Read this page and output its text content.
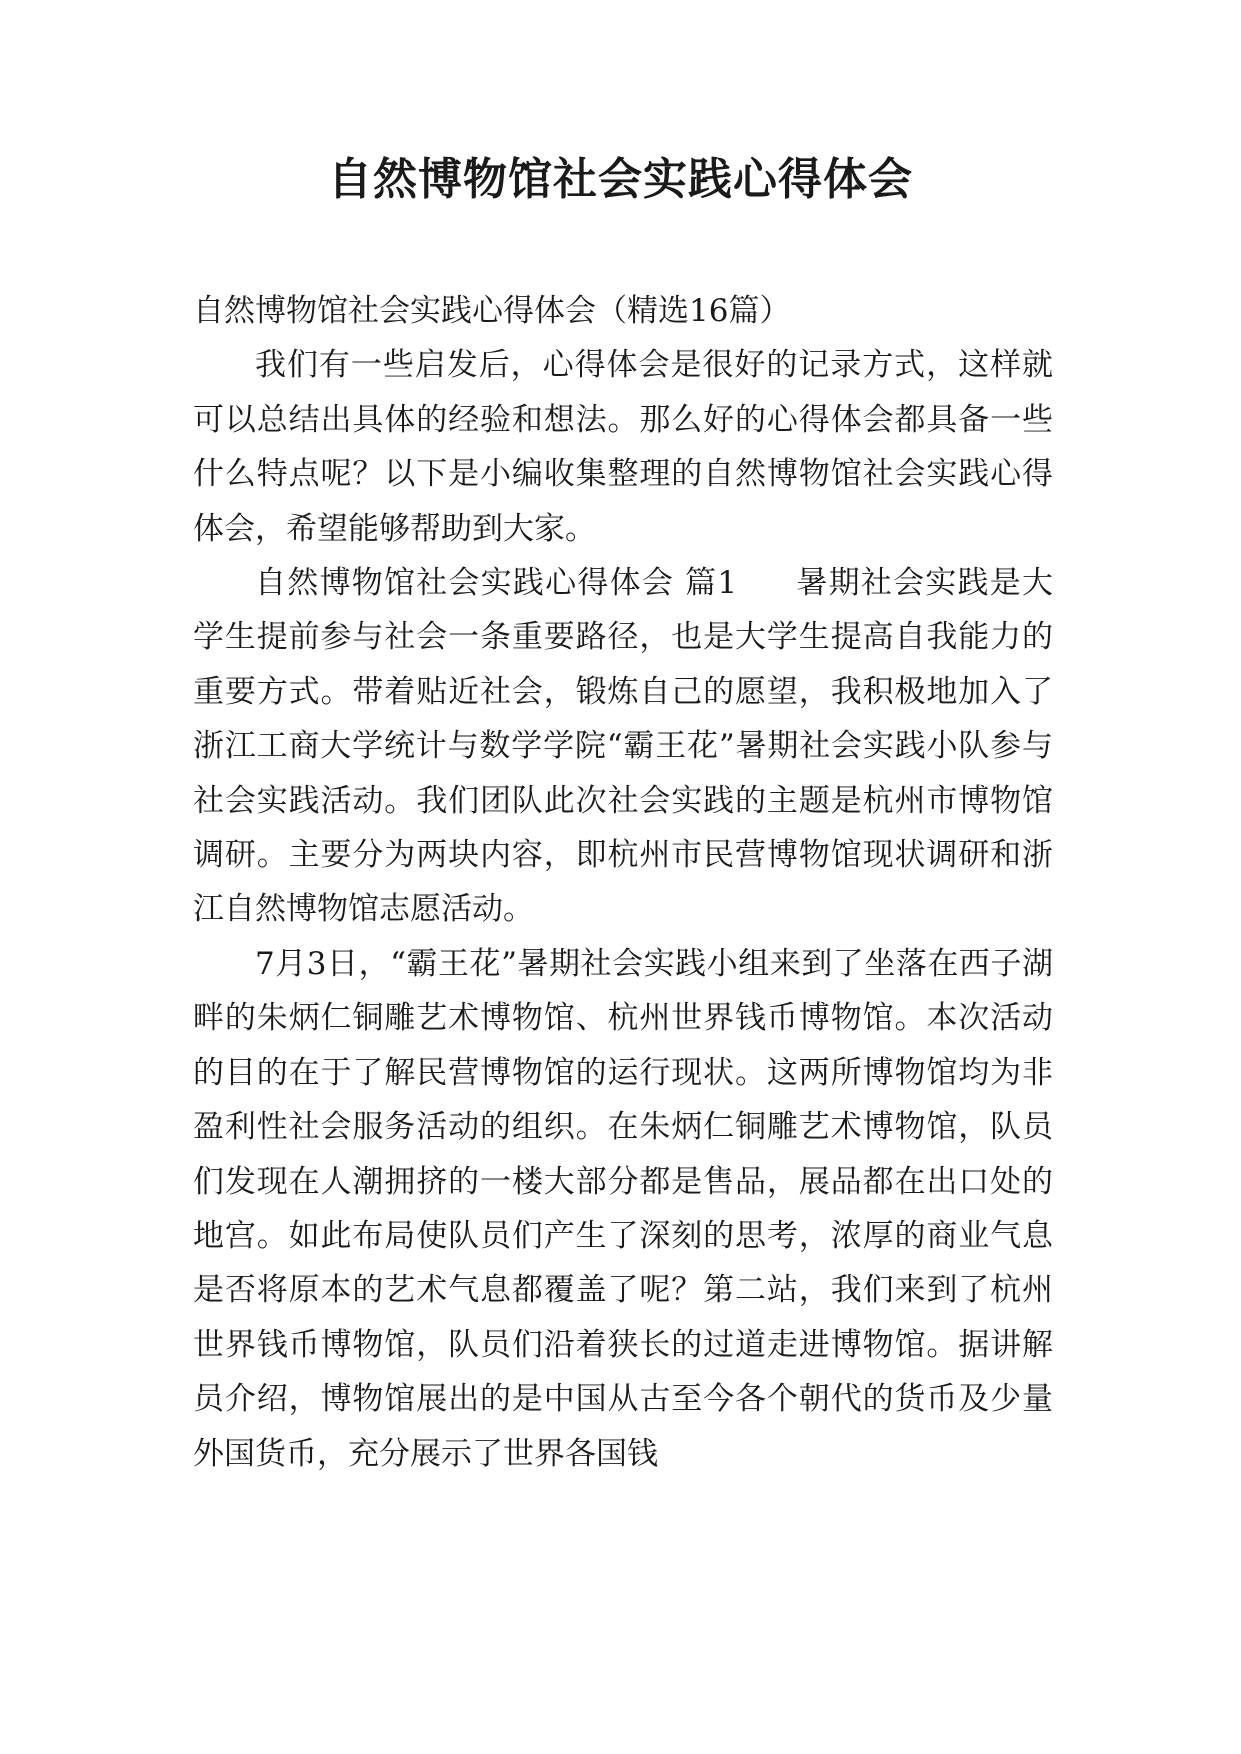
自然博物馆社会实践心得体会

自然博物馆社会实践心得体会（精选16篇）

我们有一些启发后，心得体会是很好的记录方式，这样就可以总结出具体的经验和想法。那么好的心得体会都具备一些什么特点呢？以下是小编收集整理的自然博物馆社会实践心得体会，希望能够帮助到大家。

自然博物馆社会实践心得体会 篇1 暑期社会实践是大学生提前参与社会一条重要路径，也是大学生提高自我能力的重要方式。带着贴近社会，锻炼自己的愿望，我积极地加入了浙江工商大学统计与数学学院“霸王花”暑期社会实践小队参与社会实践活动。我们团队此次社会实践的主题是杭州市博物馆调研。主要分为两块内容，即杭州市民营博物馆现状调研和浙江自然博物馆志愿活动。

7月3日，“霸王花”暑期社会实践小组来到了坐落在西子湖畔的朱炳仁铜雕艺术博物馆、杭州世界钱币博物馆。本次活动的目的在于了解民营博物馆的运行现状。这两所博物馆均为非盈利性社会服务活动的组织。在朱炳仁铜雕艺术博物馆，队员们发现在人潮拥挤的一楼大部分都是售品，展品都在出口处的地宫。如此布局使队员们产生了深刻的思考，浓厚的商业气息是否将原本的艺术气息都覆盖了呢？第二站，我们来到了杭州世界钱币博物馆，队员们沿着狭长的过道走进博物馆。据讲解员介绍，博物馆展出的是中国从古至今各个朝代的货币及少量外国货币，充分展示了世界各国钱
